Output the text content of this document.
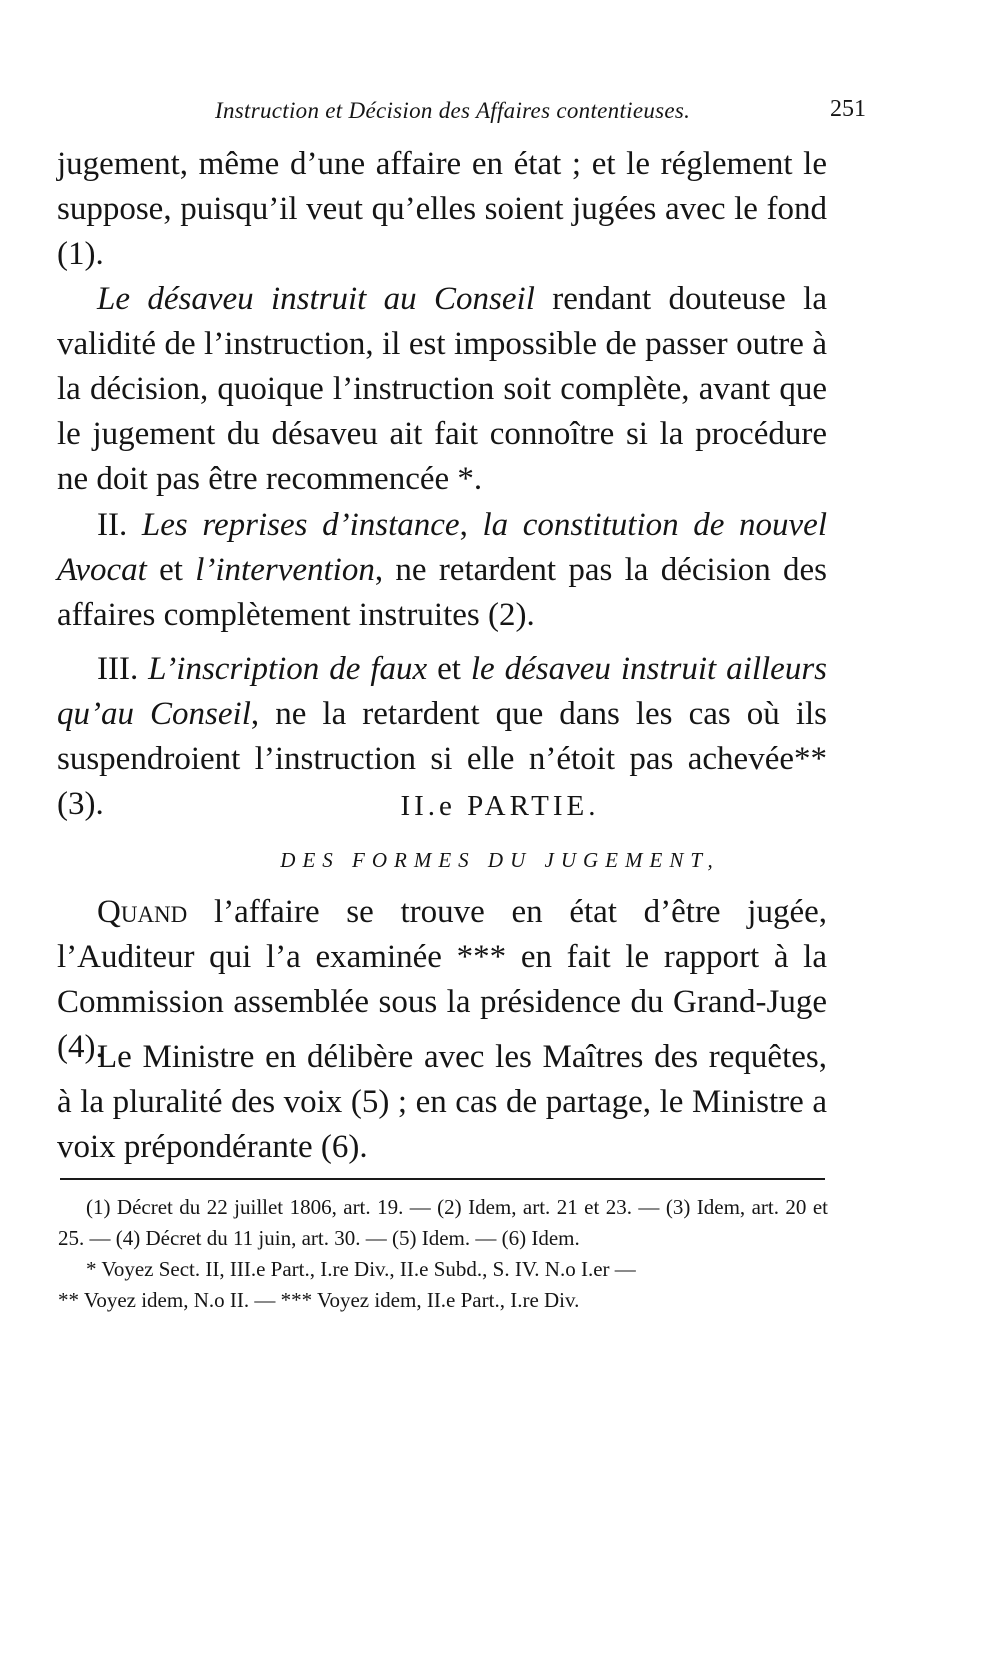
Instruction et Décision des Affaires contentieuses.	251

jugement, même d’une affaire en état ; et le réglement le suppose, puisqu’il veut qu’elles soient jugées avec le fond (1).

Le désaveu instruit au Conseil rendant douteuse la validité de l’instruction, il est impossible de passer outre à la décision, quoique l’instruction soit complète, avant que le jugement du désaveu ait fait connoître si la procédure ne doit pas être recommencée *.

II. Les reprises d’instance, la constitution de nouvel Avocat et l’intervention, ne retardent pas la décision des affaires complètement instruites (2).

III. L’inscription de faux et le désaveu instruit ailleurs qu’au Conseil, ne la retardent que dans les cas où ils suspendroient l’instruction si elle n’étoit pas achevée** (3).	II.e PARTIE.
DES FORMES DU JUGEMENT,

Quand l’affaire se trouve en état d’être jugée, l’Auditeur qui l’a examinée *** en fait le rapport à la Commission assemblée sous la présidence du Grand-Juge (4).

Le Ministre en délibère avec les Maîtres des requêtes, à la pluralité des voix (5) ; en cas de partage, le Ministre a voix prépondérante (6).

(1) Décret du 22 juillet 1806, art. 19. — (2) Idem, art. 21 et 23. — (3) Idem, art. 20 et 25. — (4) Décret du 11 juin, art. 30. — (5) Idem. — (6) Idem.

* Voyez Sect. II, III.e Part., I.re Div., II.e Subd., S. IV. N.o I.er —

** Voyez idem, N.o II. — *** Voyez idem, II.e Part., I.re Div.
